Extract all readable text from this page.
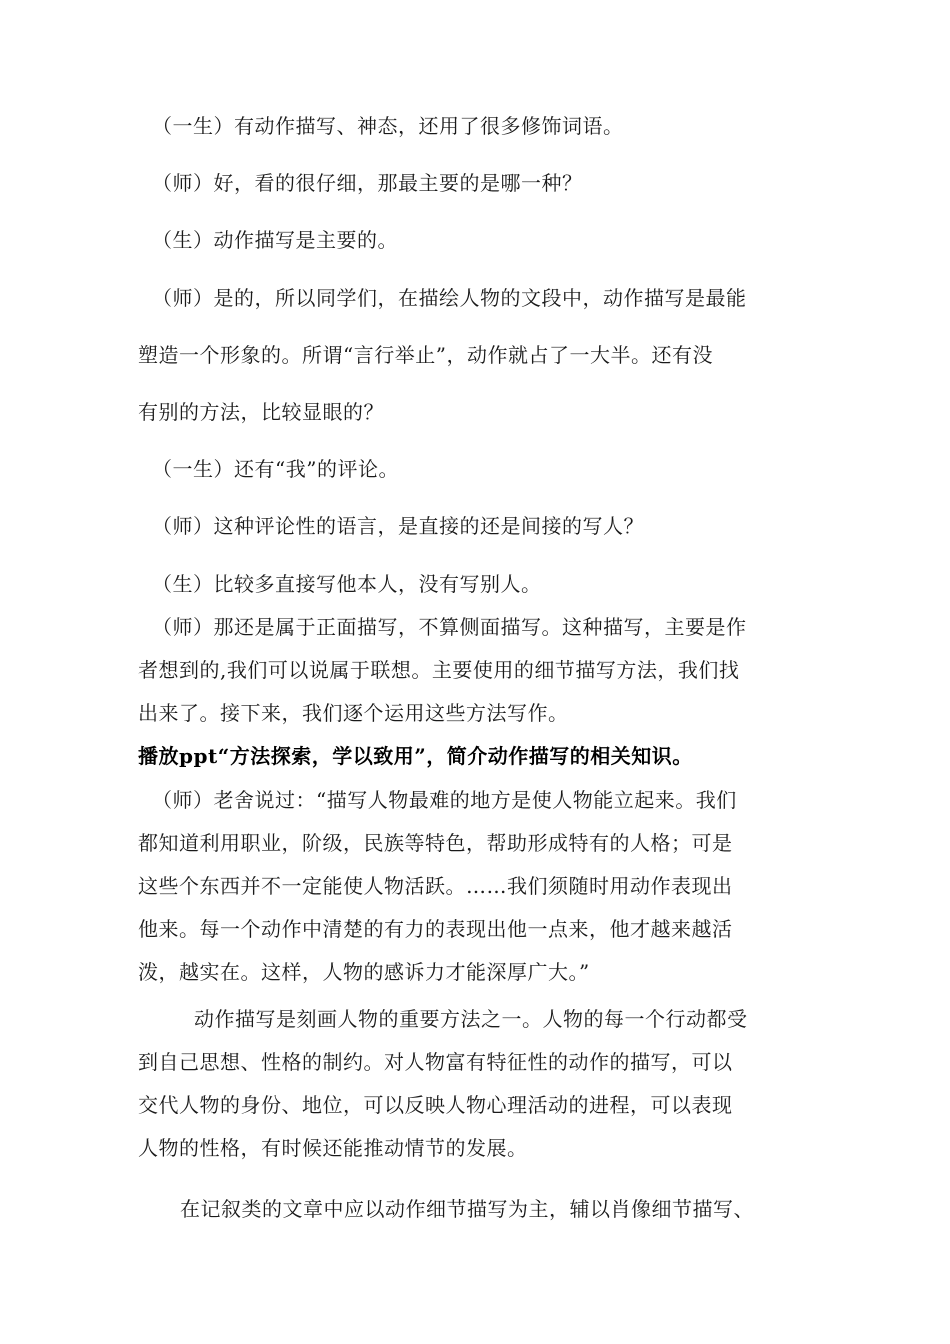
（一生）有动作描写、神态，还用了很多修饰词语。
（师）好，看的很仔细，那最主要的是哪一种？
（生）动作描写是主要的。
（师）是的，所以同学们，在描绘人物的文段中，动作描写是最能
塑造一个形象的。所谓“言行举止”，动作就占了一大半。还有没
有别的方法，比较显眼的？
（一生）还有“我”的评论。
（师）这种评论性的语言，是直接的还是间接的写人？
（生）比较多直接写他本人，没有写别人。
（师）那还是属于正面描写，不算侧面描写。这种描写，主要是作
者想到的,我们可以说属于联想。主要使用的细节描写方法，我们找
出来了。接下来，我们逐个运用这些方法写作。
播放ppt“方法探索，学以致用”，简介动作描写的相关知识。
（师）老舍说过：“描写人物最难的地方是使人物能立起来。我们
都知道利用职业，阶级，民族等特色，帮助形成特有的人格；可是
这些个东西并不一定能使人物活跃。……我们须随时用动作表现出
他来。每一个动作中清楚的有力的表现出他一点来，他才越来越活
泼，越实在。这样，人物的感诉力才能深厚广大。”
动作描写是刻画人物的重要方法之一。人物的每一个行动都受
到自己思想、性格的制约。对人物富有特征性的动作的描写，可以
交代人物的身份、地位，可以反映人物心理活动的进程，可以表现
人物的性格，有时候还能推动情节的发展。
在记叙类的文章中应以动作细节描写为主，辅以肖像细节描写、
